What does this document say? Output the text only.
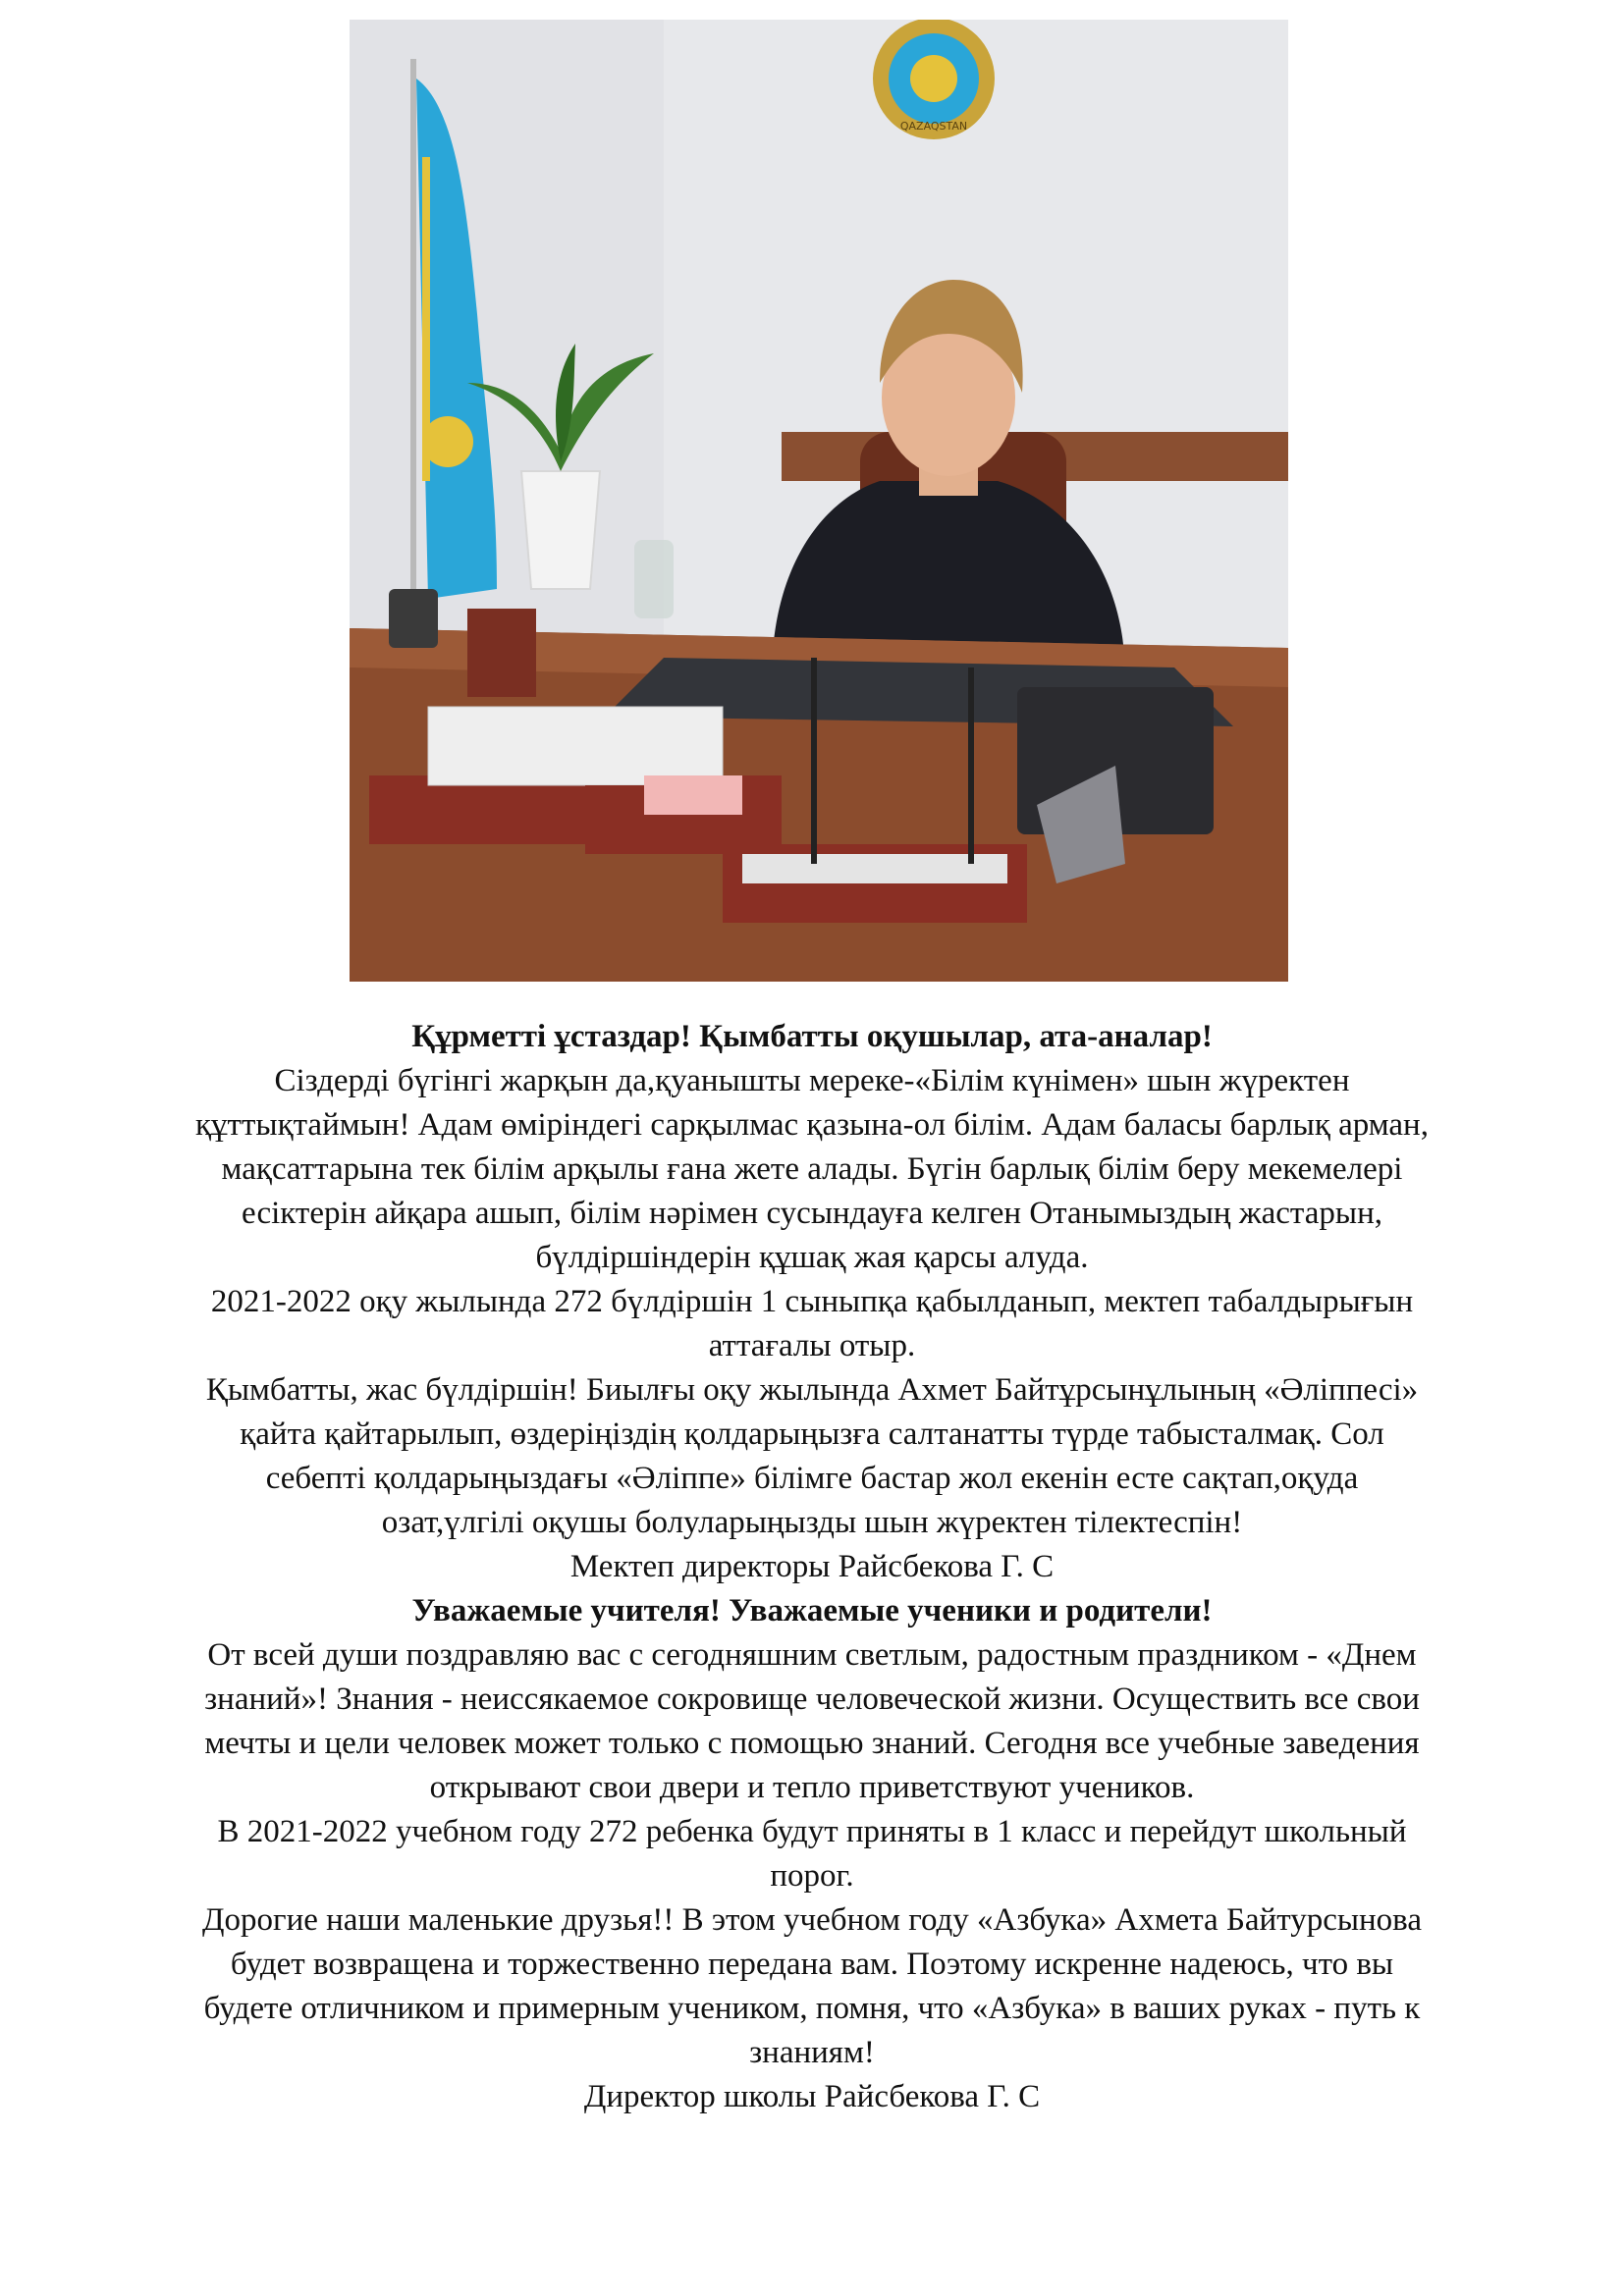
QAZAQSTAN

Құрметті ұстаздар! Қымбатты оқушылар, ата-аналар!

Сіздерді бүгінгі жарқын да,қуанышты мереке-«Білім күнімен» шын жүректен

құттықтаймын! Адам өміріндегі сарқылмас қазына-ол білім. Адам баласы барлық арман,

мақсаттарына тек білім арқылы ғана жете алады. Бүгін барлық білім беру мекемелері

есіктерін айқара ашып, білім нәрімен сусындауға келген Отанымыздың жастарын,

бүлдіршіндерін құшақ жая қарсы алуда.

2021-2022 оқу жылында 272 бүлдіршін 1 сыныпқа қабылданып, мектеп табалдырығын

аттағалы отыр.

Қымбатты, жас бүлдіршін! Биылғы оқу жылында Ахмет Байтұрсынұлының «Әліппесі»

қайта қайтарылып, өздеріңіздің қолдарыңызға салтанатты түрде табысталмақ. Сол

себепті қолдарыңыздағы «Әліппе» білімге бастар жол екенін есте сақтап,оқуда

озат,үлгілі оқушы болуларыңызды шын жүректен тілектеспін!

Мектеп директоры Райсбекова Г. С

Уважаемые учителя! Уважаемые ученики и родители!

От всей души поздравляю вас с сегодняшним светлым, радостным праздником - «Днем

знаний»! Знания - неиссякаемое сокровище человеческой жизни. Осуществить все свои

мечты и цели человек может только с помощью знаний. Сегодня все учебные заведения

открывают свои двери и тепло приветствуют учеников.

В 2021-2022 учебном году 272 ребенка будут приняты в 1 класс и перейдут школьный

порог.

Дорогие наши маленькие друзья!! В этом учебном году «Азбука» Ахмета Байтурсынова

будет возвращена и торжественно передана вам. Поэтому искренне надеюсь, что вы

будете отличником и примерным учеником, помня, что «Азбука» в ваших руках - путь к

знаниям!

Директор школы Райсбекова Г. С
